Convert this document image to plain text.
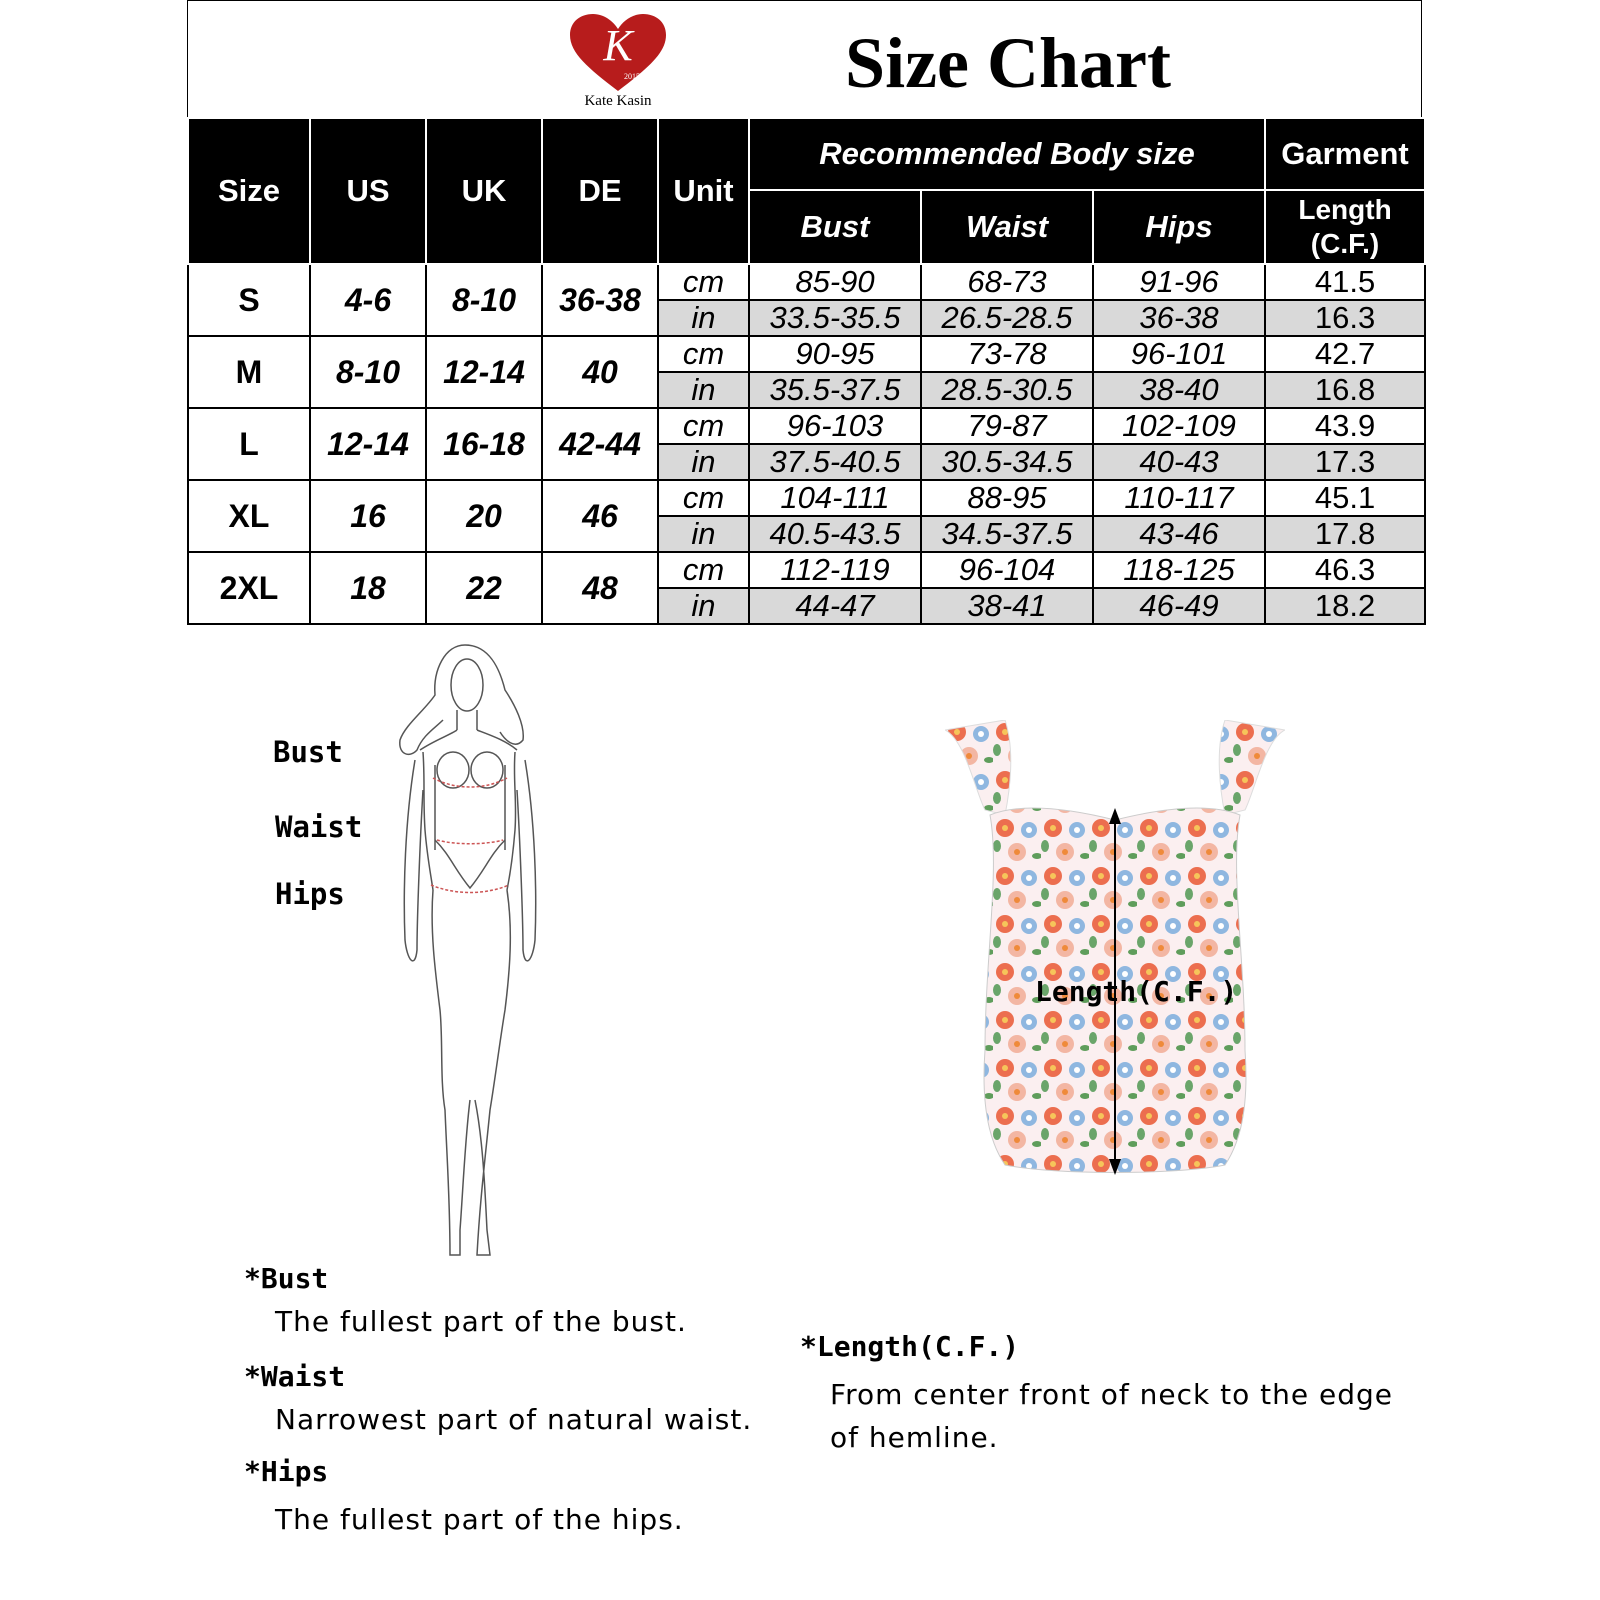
K
2015
Kate Kasin	Size Chart
Size	US	UK	DE	Unit	Recommended Body size			Garment
					Bust	Waist	Hips	Length
(C.F.)
S	4-6	8-10	36-38	cm	85-90	68-73	91-96	41.5
				in	33.5-35.5	26.5-28.5	36-38	16.3
M	8-10	12-14	40	cm	90-95	73-78	96-101	42.7
				in	35.5-37.5	28.5-30.5	38-40	16.8
L	12-14	16-18	42-44	cm	96-103	79-87	102-109	43.9
				in	37.5-40.5	30.5-34.5	40-43	17.3
XL	16	20	46	cm	104-111	88-95	110-117	45.1
				in	40.5-43.5	34.5-37.5	43-46	17.8
2XL	18	22	48	cm	112-119	96-104	118-125	46.3
				in	44-47	38-41	46-49	18.2
Bust
Waist
Hips
Length(C.F.)
*Bust
The fullest part of the bust.
*Waist
Narrowest part of natural waist.
*Hips
The fullest part of the hips.
*Length(C.F.)
From center front of neck to the edge
of hemline.
